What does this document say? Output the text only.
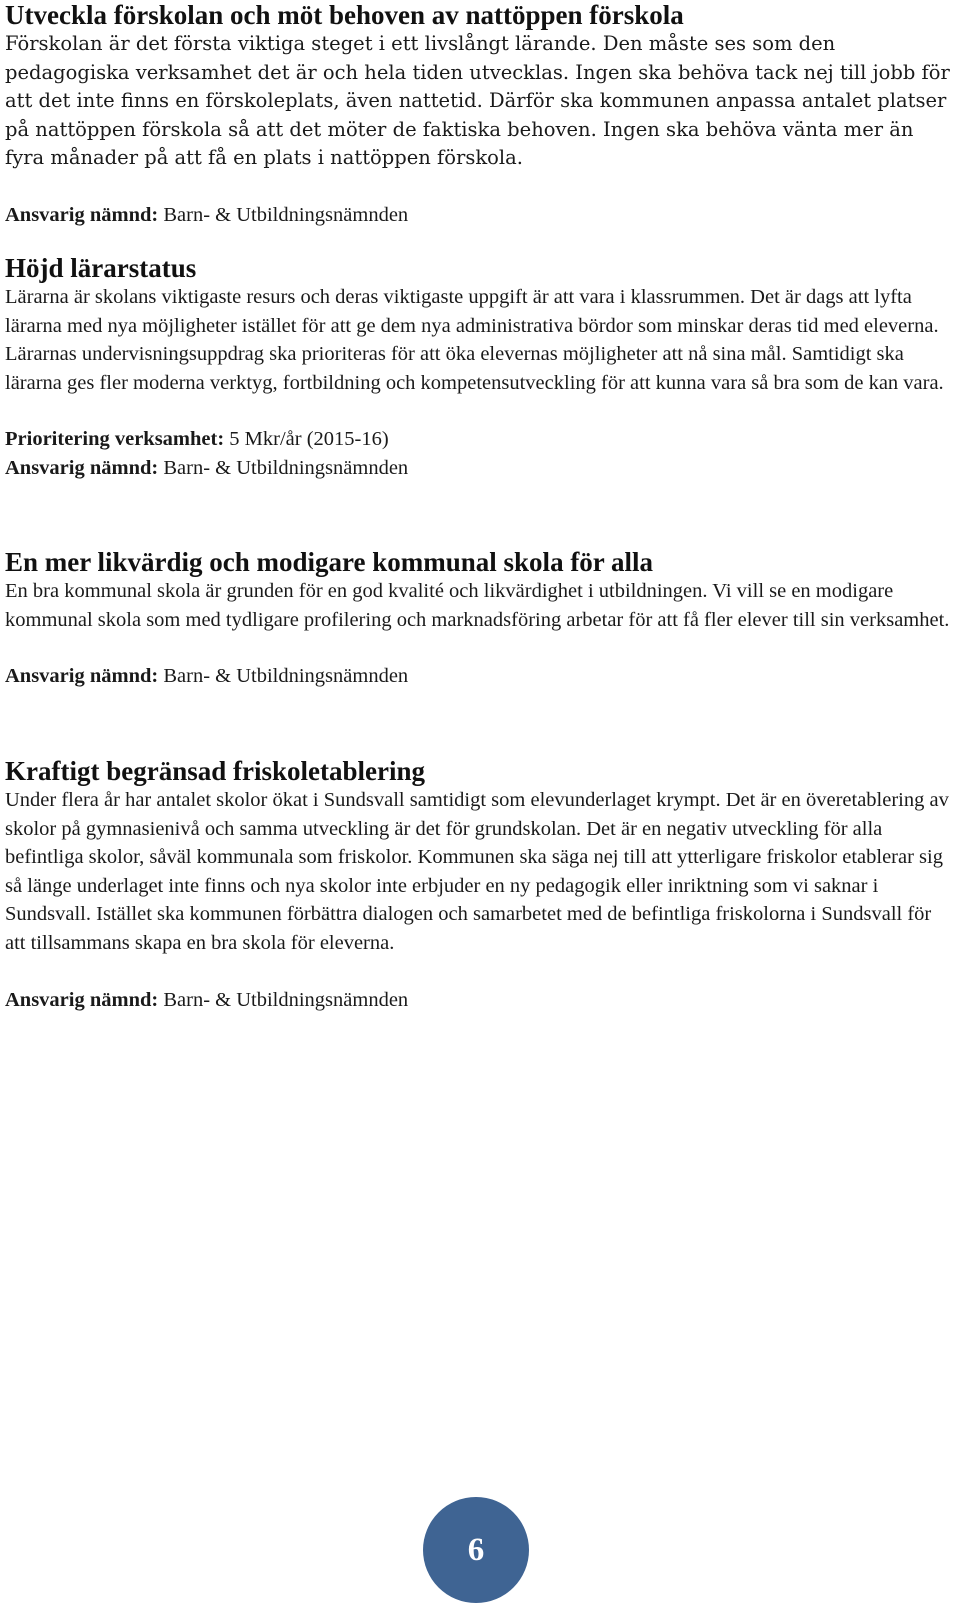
Utveckla förskolan och möt behoven av nattöppen förskola

Förskolan är det första viktiga steget i ett livslångt lärande. Den måste ses som den pedagogiska verksamhet det är och hela tiden utvecklas. Ingen ska behöva tack nej till jobb för att det inte finns en förskoleplats, även nattetid. Därför ska kommunen anpassa antalet platser på nattöppen förskola så att det möter de faktiska behoven. Ingen ska behöva vänta mer än fyra månader på att få en plats i nattöppen förskola.

Ansvarig nämnd: Barn- & Utbildningsnämnden

Höjd lärarstatus

Lärarna är skolans viktigaste resurs och deras viktigaste uppgift är att vara i klassrummen. Det är dags att lyfta lärarna med nya möjligheter istället för att ge dem nya administrativa bördor som minskar deras tid med eleverna. Lärarnas undervisningsuppdrag ska prioriteras för att öka elevernas möjligheter att nå sina mål. Samtidigt ska lärarna ges fler moderna verktyg, fortbildning och kompetensutveckling för att kunna vara så bra som de kan vara.

Prioritering verksamhet: 5 Mkr/år (2015-16)

Ansvarig nämnd: Barn- & Utbildningsnämnden

En mer likvärdig och modigare kommunal skola för alla

En bra kommunal skola är grunden för en god kvalité och likvärdighet i utbildningen. Vi vill se en modigare kommunal skola som med tydligare profilering och marknadsföring arbetar för att få fler elever till sin verksamhet.

Ansvarig nämnd: Barn- & Utbildningsnämnden

Kraftigt begränsad friskoletablering

Under flera år har antalet skolor ökat i Sundsvall samtidigt som elevunderlaget krympt. Det är en överetablering av skolor på gymnasienivå och samma utveckling är det för grundskolan. Det är en negativ utveckling för alla befintliga skolor, såväl kommunala som friskolor. Kommunen ska säga nej till att ytterligare friskolor etablerar sig så länge underlaget inte finns och nya skolor inte erbjuder en ny pedagogik eller inriktning som vi saknar i Sundsvall. Istället ska kommunen förbättra dialogen och samarbetet med de befintliga friskolorna i Sundsvall för att tillsammans skapa en bra skola för eleverna.

Ansvarig nämnd: Barn- & Utbildningsnämnden

6
